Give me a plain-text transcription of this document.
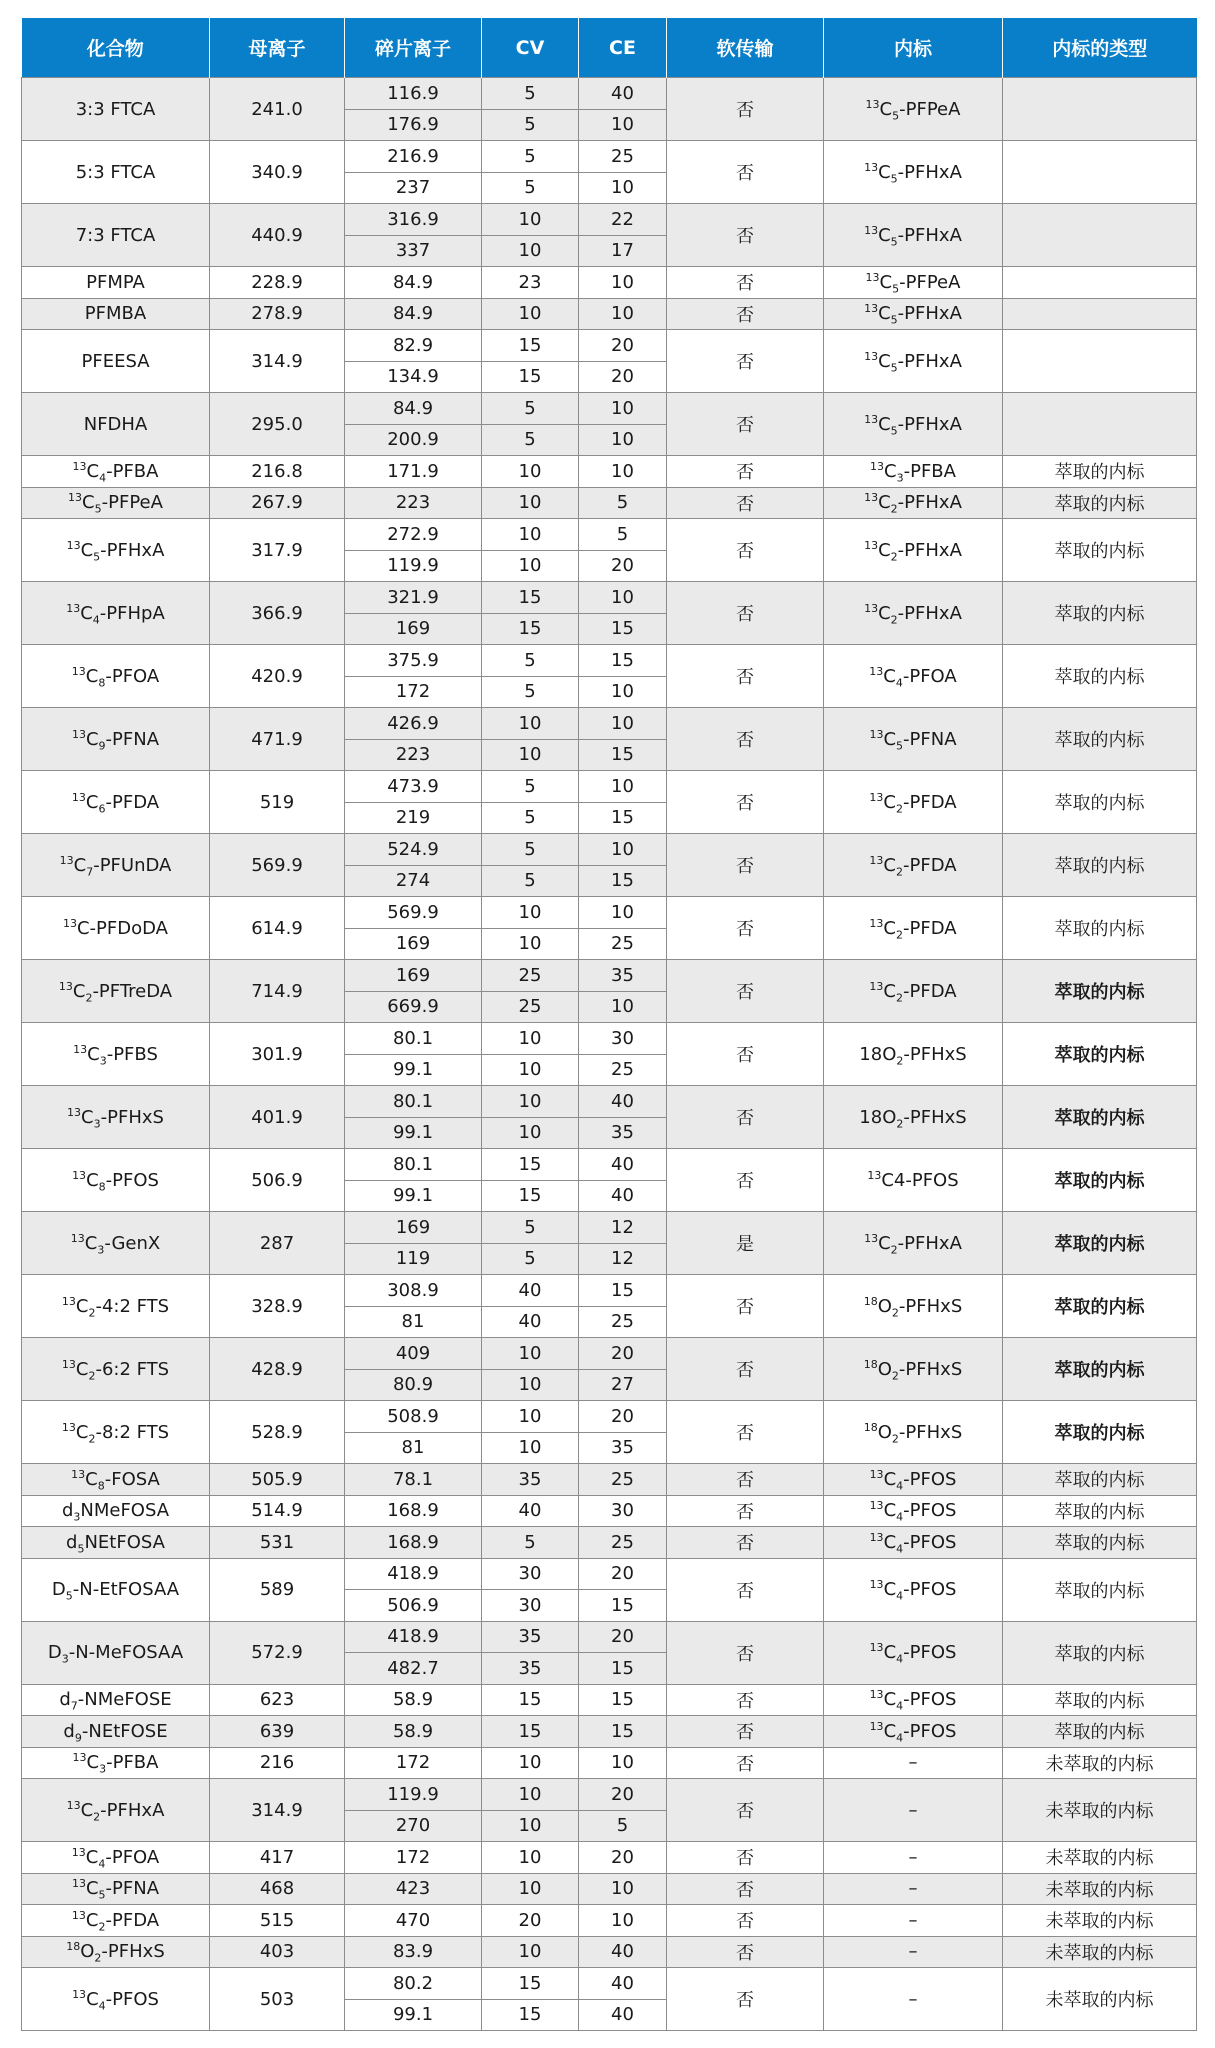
化合物	母离子	碎片离子	CV	CE	软传输	内标	内标的类型
3:3 FTCA	241.0	116.9	5	40	否	$^{13}C_5$-PFPeA	
		176.9	5	10			
5:3 FTCA	340.9	216.9	5	25	否	$^{13}C_5$-PFHxA	
		237	5	10			
7:3 FTCA	440.9	316.9	10	22	否	$^{13}C_5$-PFHxA	
		337	10	17			
PFMPA	228.9	84.9	23	10	否	$^{13}C_5$-PFPeA	
PFMBA	278.9	84.9	10	10	否	$^{13}C_5$-PFHxA	
PFEESA	314.9	82.9	15	20	否	$^{13}C_5$-PFHxA	
		134.9	15	20			
NFDHA	295.0	84.9	5	10	否	$^{13}C_5$-PFHxA	
		200.9	5	10			
$^{13}C_4$-PFBA	216.8	171.9	10	10	否	$^{13}C_3$-PFBA	萃取的内标
$^{13}C_5$-PFPeA	267.9	223	10	5	否	$^{13}C_2$-PFHxA	萃取的内标
$^{13}C_5$-PFHxA	317.9	272.9	10	5	否	$^{13}C_2$-PFHxA	萃取的内标
		119.9	10	20			
$^{13}C_4$-PFHpA	366.9	321.9	15	10	否	$^{13}C_2$-PFHxA	萃取的内标
		169	15	15			
$^{13}C_8$-PFOA	420.9	375.9	5	15	否	$^{13}C_4$-PFOA	萃取的内标
		172	5	10			
$^{13}C_9$-PFNA	471.9	426.9	10	10	否	$^{13}C_5$-PFNA	萃取的内标
		223	10	15			
$^{13}C_6$-PFDA	519	473.9	5	10	否	$^{13}C_2$-PFDA	萃取的内标
		219	5	15			
$^{13}C_7$-PFUnDA	569.9	524.9	5	10	否	$^{13}C_2$-PFDA	萃取的内标
		274	5	15			
$^{13}$C-PFDoDA	614.9	569.9	10	10	否	$^{13}C_2$-PFDA	萃取的内标
		169	10	25			
$^{13}C_2$-PFTreDA	714.9	169	25	35	否	$^{13}C_2$-PFDA	萃取的内标
		669.9	25	10			
$^{13}C_3$-PFBS	301.9	80.1	10	30	否	$18O_2$-PFHxS	萃取的内标
		99.1	10	25			
$^{13}C_3$-PFHxS	401.9	80.1	10	40	否	$18O_2$-PFHxS	萃取的内标
		99.1	10	35			
$^{13}C_8$-PFOS	506.9	80.1	15	40	否	$^{13}$C4-PFOS	萃取的内标
		99.1	15	40			
$^{13}C_3$-GenX	287	169	5	12	是	$^{13}C_2$-PFHxA	萃取的内标
		119	5	12			
$^{13}C_2-4:2$ FTS	328.9	308.9	40	15	否	$^{18}O_2$-PFHxS	萃取的内标
		81	40	25			
$^{13}C_2-6:2$ FTS	428.9	409	10	20	否	$^{18}O_2$-PFHxS	萃取的内标
		80.9	10	27			
$^{13}C_2-8:2$ FTS	528.9	508.9	10	20	否	$^{18}O_2$-PFHxS	萃取的内标
		81	10	35			
$^{13}C_8$-FOSA	505.9	78.1	35	25	否	$^{13}C_4$-PFOS	萃取的内标
$d_3NMeFOSA$	514.9	168.9	40	30	否	$^{13}C_4$-PFOS	萃取的内标
$d_5NEtFOSA$	531	168.9	5	25	否	$^{13}C_4$-PFOS	萃取的内标
$D_5-N$-EtFOSAA	589	418.9	30	20	否	$^{13}C_4$-PFOS	萃取的内标
		506.9	30	15			
$D_3-N$-MeFOSAA	572.9	418.9	35	20	否	$^{13}C_4$-PFOS	萃取的内标
		482.7	35	15			
$d_7$-NMeFOSE	623	58.9	15	15	否	$^{13}C_4$-PFOS	萃取的内标
$d_9$-NEtFOSE	639	58.9	15	15	否	$^{13}C_4$-PFOS	萃取的内标
$^{13}C_3$-PFBA	216	172	10	10	否	–	未萃取的内标
$^{13}C_2$-PFHxA	314.9	119.9	10	20	否	–	未萃取的内标
		270	10	5			
$^{13}C_4$-PFOA	417	172	10	20	否	–	未萃取的内标
$^{13}C_5$-PFNA	468	423	10	10	否	–	未萃取的内标
$^{13}C_2$-PFDA	515	470	20	10	否	–	未萃取的内标
$^{18}O_2$-PFHxS	403	83.9	10	40	否	–	未萃取的内标
$^{13}C_4$-PFOS	503	80.2	15	40	否	–	未萃取的内标
		99.1	15	40			
